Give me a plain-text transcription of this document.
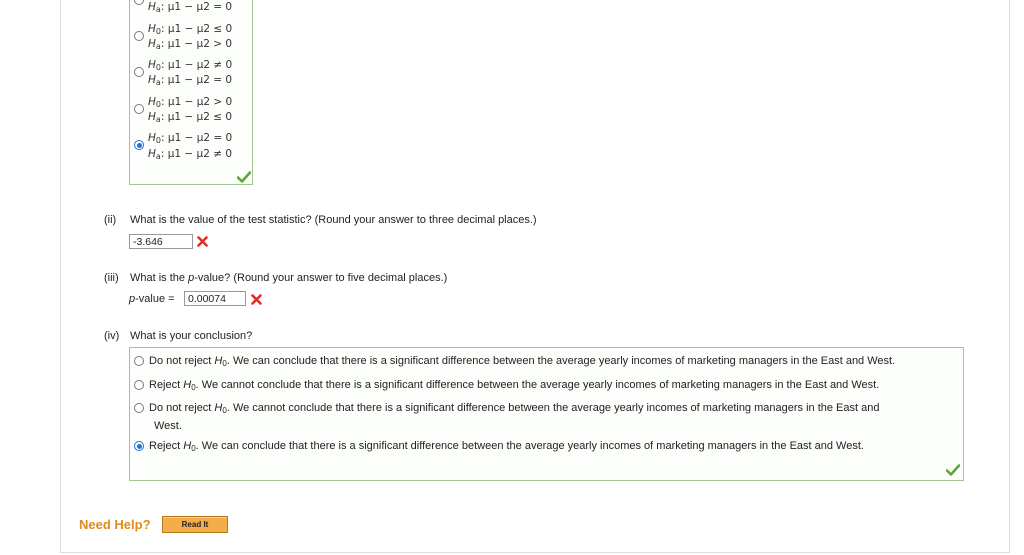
$H_a$: μ1 − μ2 = 0
$H_0$: μ1 − μ2 ≤ 0
$H_a$: μ1 − μ2 > 0
$H_0$: μ1 − μ2 ≠ 0
$H_a$: μ1 − μ2 = 0
$H_0$: μ1 − μ2 > 0
$H_a$: μ1 − μ2 ≤ 0
$H_0$: μ1 − μ2 = 0
$H_a$: μ1 − μ2 ≠ 0
(ii) What is the value of the test statistic? (Round your answer to three decimal places.)
-3.646
(iii) What is the p-value? (Round your answer to five decimal places.)
p-value =	0.00074
(iv) What is your conclusion?
Do not reject $H_0$. We can conclude that there is a significant difference between the average yearly incomes of marketing managers in the East and West.
Reject $H_0$. We cannot conclude that there is a significant difference between the average yearly incomes of marketing managers in the East and West.
Do not reject $H_0$. We cannot conclude that there is a significant difference between the average yearly incomes of marketing managers in the East and
West.
Reject $H_0$. We can conclude that there is a significant difference between the average yearly incomes of marketing managers in the East and West.
Need Help?	Read It
